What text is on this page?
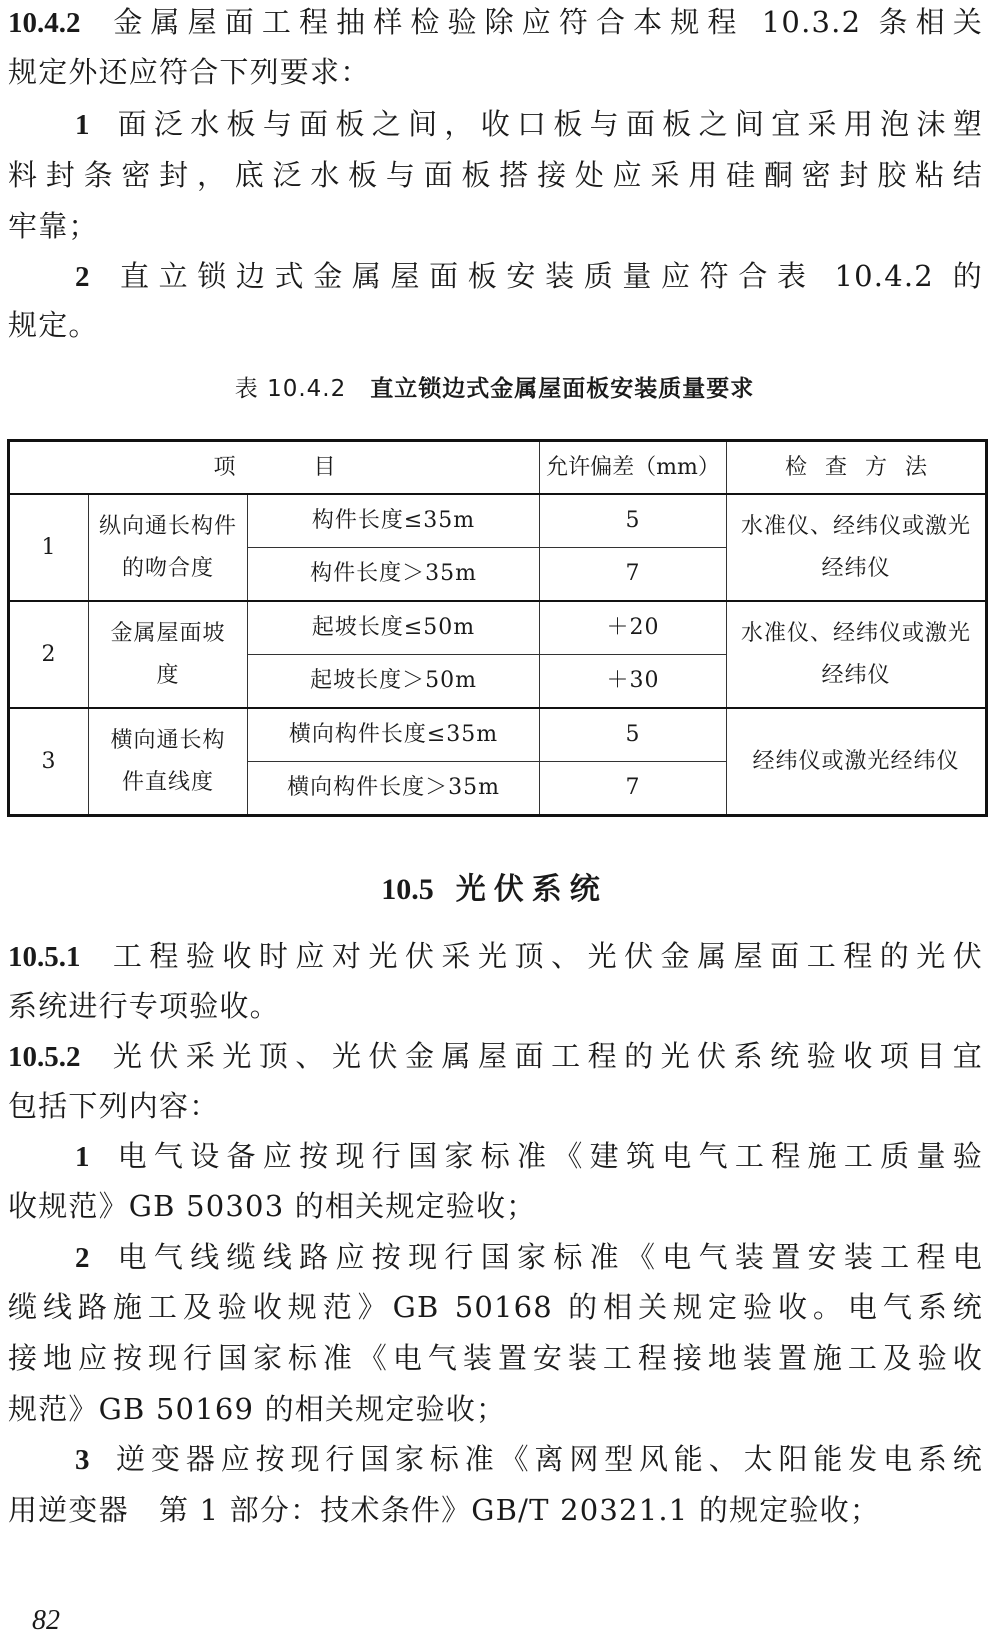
10.4.2 金属屋面工程抽样检验除应符合本规程 10.3.2 条相关
规定外还应符合下列要求：
1 面泛水板与面板之间，收口板与面板之间宜采用泡沫塑
料封条密封，底泛水板与面板搭接处应采用硅酮密封胶粘结
牢靠；
2 直立锁边式金属屋面板安装质量应符合表 10.4.2 的
规定。
表 10.4.2 直立锁边式金属屋面板安装质量要求
项　目			允许偏差（mm）	检查方法
1	纵向通长构件的吻合度	构件长度≤35m	5	水准仪、经纬仪或激光经纬仪
		构件长度＞35m	7	
2	金属屋面坡度	起坡长度≤50m	＋20	水准仪、经纬仪或激光经纬仪
		起坡长度＞50m	＋30	
3	横向通长构件直线度	横向构件长度≤35m	5	经纬仪或激光经纬仪
		横向构件长度＞35m	7	
10.5 光伏系统
10.5.1 工程验收时应对光伏采光顶、光伏金属屋面工程的光伏
系统进行专项验收。
10.5.2 光伏采光顶、光伏金属屋面工程的光伏系统验收项目宜
包括下列内容：
1 电气设备应按现行国家标准《建筑电气工程施工质量验
收规范》GB 50303 的相关规定验收；
2 电气线缆线路应按现行国家标准《电气装置安装工程电
缆线路施工及验收规范》GB 50168 的相关规定验收。电气系统
接地应按现行国家标准《电气装置安装工程接地装置施工及验收
规范》GB 50169 的相关规定验收；
3 逆变器应按现行国家标准《离网型风能、太阳能发电系统
用逆变器　第 1 部分：技术条件》GB/T 20321.1 的规定验收；
82
